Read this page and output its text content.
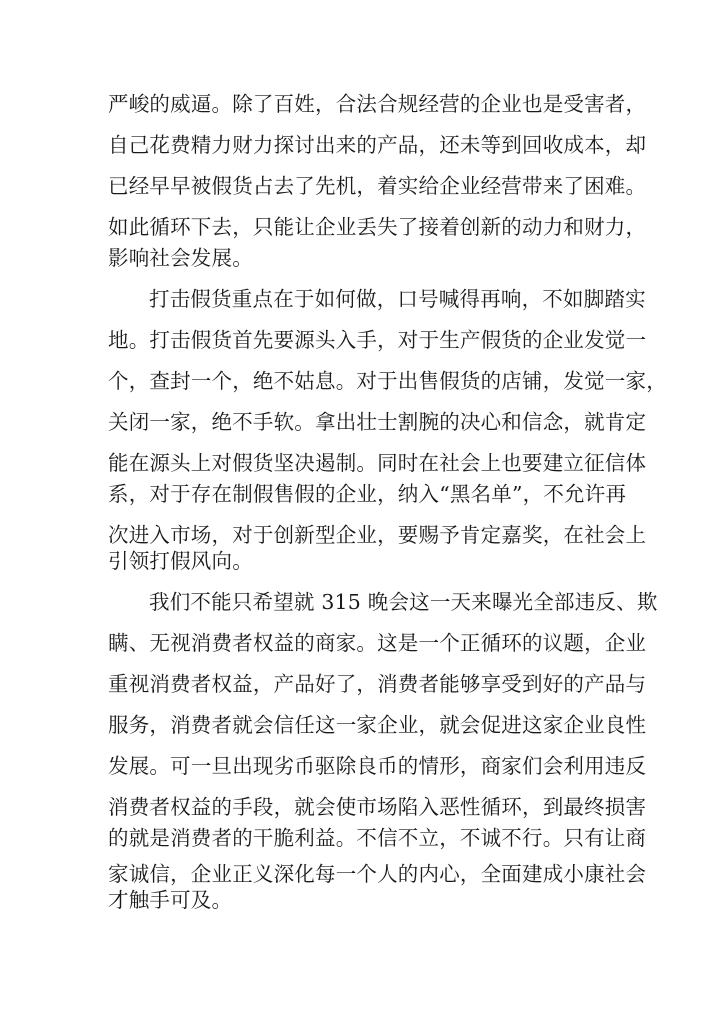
严峻的威逼。除了百姓，合法合规经营的企业也是受害者，
自己花费精力财力探讨出来的产品，还未等到回收成本，却
已经早早被假货占去了先机，着实给企业经营带来了困难。
如此循环下去，只能让企业丢失了接着创新的动力和财力，
影响社会发展。
打击假货重点在于如何做，口号喊得再响，不如脚踏实
地。打击假货首先要源头入手，对于生产假货的企业发觉一
个，查封一个，绝不姑息。对于出售假货的店铺，发觉一家，
关闭一家，绝不手软。拿出壮士割腕的决心和信念，就肯定
能在源头上对假货坚决遏制。同时在社会上也要建立征信体
系，对于存在制假售假的企业，纳入“黑名单”，不允许再
次进入市场，对于创新型企业，要赐予肯定嘉奖，在社会上
引领打假风向。
我们不能只希望就 315 晚会这一天来曝光全部违反、欺
瞒、无视消费者权益的商家。这是一个正循环的议题，企业
重视消费者权益，产品好了，消费者能够享受到好的产品与
服务，消费者就会信任这一家企业，就会促进这家企业良性
发展。可一旦出现劣币驱除良币的情形，商家们会利用违反
消费者权益的手段，就会使市场陷入恶性循环，到最终损害
的就是消费者的干脆利益。不信不立，不诚不行。只有让商
家诚信，企业正义深化每一个人的内心，全面建成小康社会
才触手可及。
